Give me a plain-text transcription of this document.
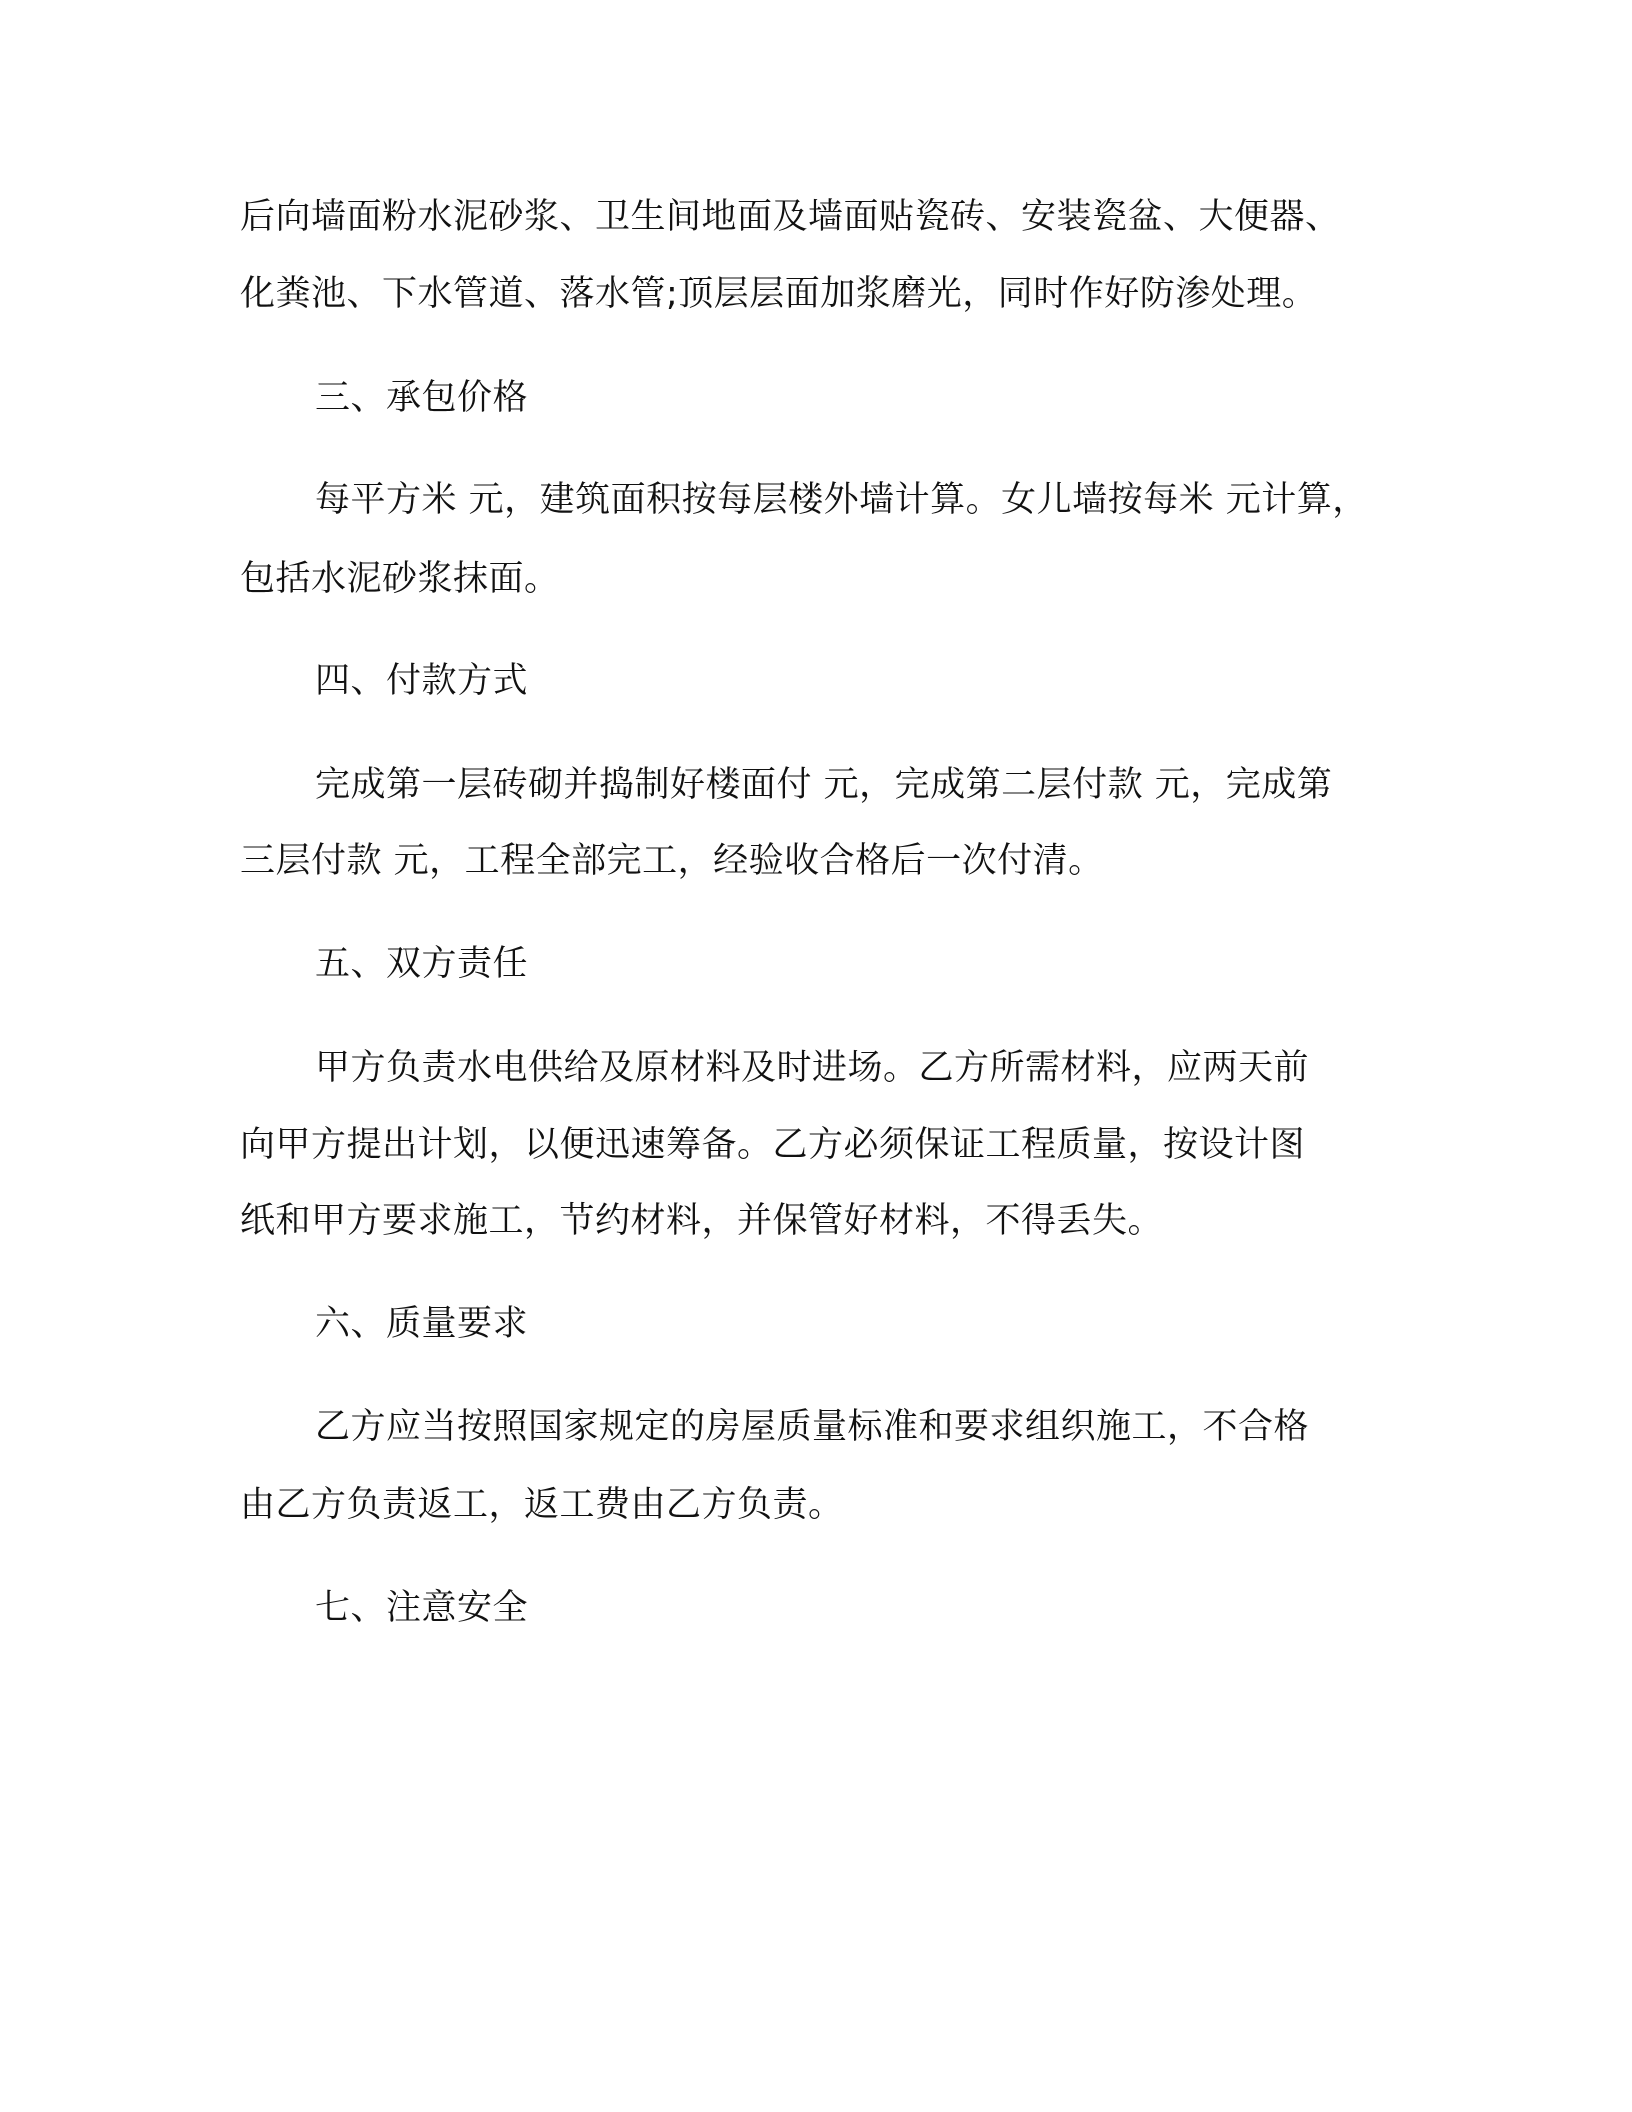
后向墙面粉水泥砂浆、卫生间地面及墙面贴瓷砖、安装瓷盆、大便器、
化粪池、下水管道、落水管;顶层层面加浆磨光，同时作好防渗处理。
三、承包价格
每平方米 元，建筑面积按每层楼外墙计算。女儿墙按每米 元计算，
包括水泥砂浆抹面。
四、付款方式
完成第一层砖砌并捣制好楼面付 元，完成第二层付款 元，完成第
三层付款 元，工程全部完工，经验收合格后一次付清。
五、双方责任
甲方负责水电供给及原材料及时进场。乙方所需材料，应两天前
向甲方提出计划，以便迅速筹备。乙方必须保证工程质量，按设计图
纸和甲方要求施工，节约材料，并保管好材料，不得丢失。
六、质量要求
乙方应当按照国家规定的房屋质量标准和要求组织施工，不合格
由乙方负责返工，返工费由乙方负责。
七、注意安全
